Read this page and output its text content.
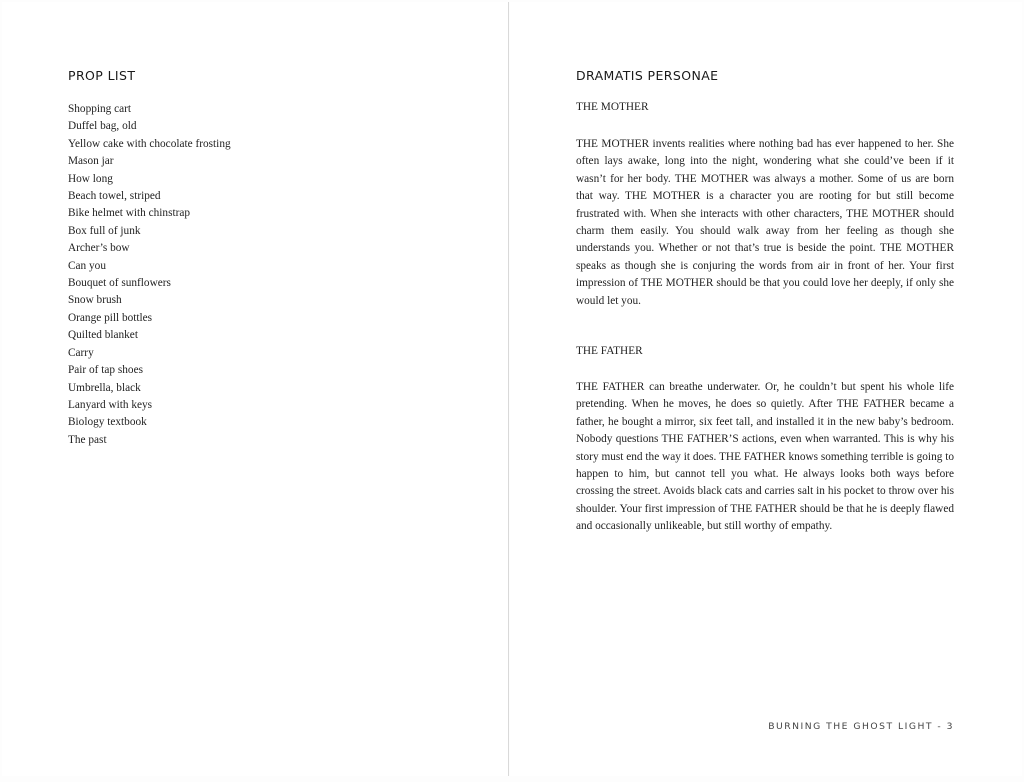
PROP LIST
Shopping cart
Duffel bag, old
Yellow cake with chocolate frosting
Mason jar
How long
Beach towel, striped
Bike helmet with chinstrap
Box full of junk
Archer’s bow
Can you
Bouquet of sunflowers
Snow brush
Orange pill bottles
Quilted blanket
Carry
Pair of tap shoes
Umbrella, black
Lanyard with keys
Biology textbook
The past
DRAMATIS PERSONAE
THE MOTHER

THE MOTHER invents realities where nothing bad has ever happened to her. She often lays awake, long into the night, wondering what she could’ve been if it wasn’t for her body. THE MOTHER was always a mother. Some of us are born that way. THE MOTHER is a character you are rooting for but still become frustrated with. When she interacts with other characters, THE MOTHER should charm them easily. You should walk away from her feeling as though she understands you. Whether or not that’s true is beside the point. THE MOTHER speaks as though she is conjuring the words from air in front of her. Your first impression of THE MOTHER should be that you could love her deeply, if only she would let you.

THE FATHER

THE FATHER can breathe underwater. Or, he couldn’t but spent his whole life pretending. When he moves, he does so quietly. After THE FATHER became a father, he bought a mirror, six feet tall, and installed it in the new baby’s bedroom. Nobody questions THE FATHER’S actions, even when warranted. This is why his story must end the way it does. THE FATHER knows something terrible is going to happen to him, but cannot tell you what. He always looks both ways before crossing the street. Avoids black cats and carries salt in his pocket to throw over his shoulder. Your first impression of THE FATHER should be that he is deeply flawed and occasionally unlikeable, but still worthy of empathy.

BURNING THE GHOST LIGHT - 3
